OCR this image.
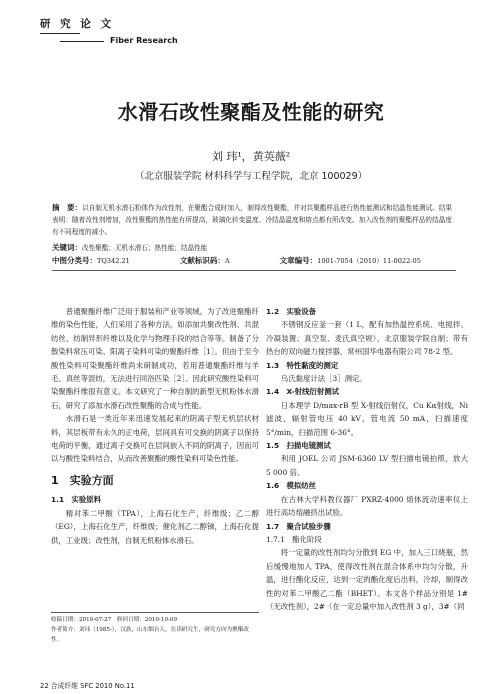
研 究 论 文
Fiber Research
水滑石改性聚酯及性能的研究
刘 玮¹，黄英薇²
（北京服装学院 材料科学与工程学院，北京 100029）
摘　要：以自制无机水滑石粉体作为改性剂，在聚酯合成时加入，制得改性聚酯，并对共聚酯样品进行热性能测试和结晶性能测试。结果表明：随着改性剂增加，改性聚酯的热性能有所提高，玻璃化转变温度、冷结晶温度和熔点都有所改变。加入改性剂的聚酯样品的结晶度有不同程度的减小。
关键词：改性聚酯；无机水滑石；热性能；结晶性能
中图分类号：TQ342.21	文献标识码：A	文章编号：1001-7054（2010）11-0022-05

普通聚酯纤维广泛用于服装和产业等领域。为了改进聚酯纤维的染色性能，人们采用了各种方法，如添加共聚改性剂、共混纺丝、纺制异形纤维以及化学与物理手段的结合等等。制备了分散染料常压可染、阳离子染料可染的聚酯纤维［1］。但由于至今酸性染料可染聚酯纤维尚未研制成功，若用普通聚酯纤维与羊毛、真丝等混纺，无法进行同浴匹染［2］。因此研究酸性染料可染聚酯纤维很有意义。本文研究了一种自制的新型无机粉体水滑石，研究了添加水滑石改性聚酯的合成与性能。

水滑石是一类近年来迅速发展起来的阴离子型无机层状材料，其层板带有永久的正电荷，层间具有可交换的阴离子以保持电荷的平衡，通过离子交换可在层间嵌入不同的阴离子，因而可以与酸性染料结合，从而改善聚酯的酸性染料可染色性能。

1　实验方面
1.1　实验原料

精对苯二甲酸（TPA），上海石化生产，纤维级；乙二醇（EG），上海石化生产，纤维级；催化剂乙二醇锑，上海石化提供，工业级；改性剂，自制无机粉体水滑石。

收稿日期：2010-07-27　修回日期：2010-10-09
作者简介：刘玮（1985-），汉族，山东烟台人，在读研究生，研究方向为聚酯改性。
1.2　实验设备

不锈钢反应釜一套（1 L，配有加热温控系统、电搅拌、冷凝装置、真空泵、麦氏真空规），北京服装学院自制；带有热台的双向磁力搅拌器，常州国华电器有限公司 78-2 型。

1.3　特性黏度的测定

乌氏黏度计法［3］测定。

1.4　X-射线衍射测试

日本理学 D/max-rB 型 X-射线衍射仪，Cu Kα射线，Ni 滤波，辐射管电压 40 kV，管电流 50 mA，扫描速度 5°/min，扫描范围 6-36°。

1.5　扫描电镜测试

利用 JOEL 公司 JSM-6360 LV 型扫描电镜拍照，放大 5 000 倍。

1.6　模拟纺丝

在古林大学科教仪器厂 PXRZ-4000 熔体流动速率仪上进行高坊熔融挤出试验。

1.7　聚合试验步骤
1.7.1　酯化阶段

将一定量的改性剂均匀分散到 EG 中，加入三口烧瓶，然后缓慢地加入 TPA，使得改性剂在混合体系中均匀分散，升温，进行酯化反应，达到一定的酯化度后出料，冷却，制得改性的对苯二甲酸乙二酯（BHET）。本文各个样品分别是 1#（无改性剂），2#（在一定总量中加入改性剂 3 g），3#（同

22 合成纤维 SFC 2010 No.11
